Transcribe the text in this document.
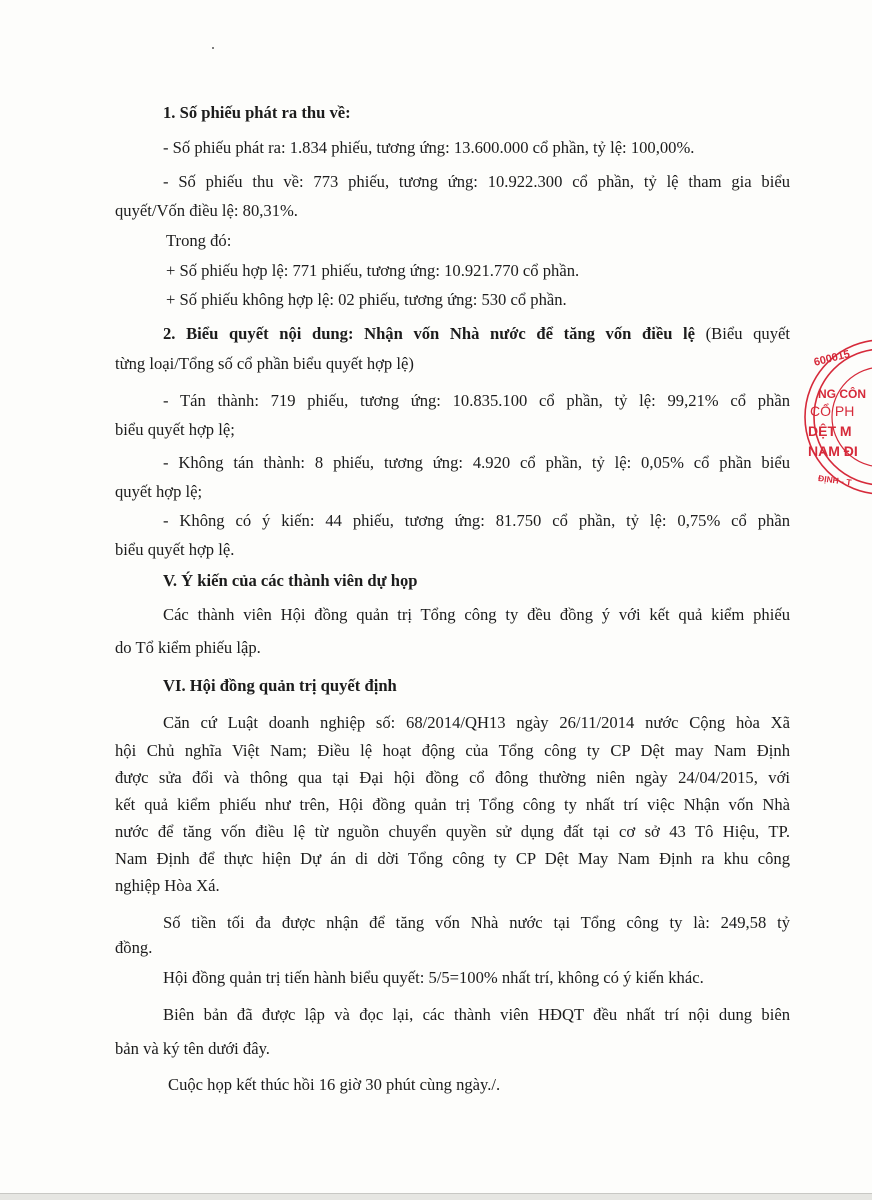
1. Số phiếu phát ra thu về:
- Số phiếu phát ra: 1.834 phiếu, tương ứng: 13.600.000 cổ phần, tỷ lệ: 100,00%.
- Số phiếu thu về: 773 phiếu, tương ứng: 10.922.300 cổ phần, tỷ lệ tham gia biểu
quyết/Vốn điều lệ: 80,31%.
Trong đó:
+ Số phiếu hợp lệ: 771 phiếu, tương ứng: 10.921.770 cổ phần.
+ Số phiếu không hợp lệ: 02 phiếu, tương ứng: 530 cổ phần.
2. Biểu quyết nội dung: Nhận vốn Nhà nước để tăng vốn điều lệ (Biểu quyết
từng loại/Tổng số cổ phần biểu quyết hợp lệ)
- Tán thành: 719 phiếu, tương ứng: 10.835.100 cổ phần, tỷ lệ: 99,21% cổ phần
biểu quyết hợp lệ;
- Không tán thành: 8 phiếu, tương ứng: 4.920 cổ phần, tỷ lệ: 0,05% cổ phần biểu
quyết hợp lệ;
- Không có ý kiến: 44 phiếu, tương ứng: 81.750 cổ phần, tỷ lệ: 0,75% cổ phần
biểu quyết hợp lệ.
V. Ý kiến của các thành viên dự họp
Các thành viên Hội đồng quản trị Tổng công ty đều đồng ý với kết quả kiểm phiếu
do Tổ kiểm phiếu lập.
VI. Hội đồng quản trị quyết định
Căn cứ Luật doanh nghiệp số: 68/2014/QH13 ngày 26/11/2014 nước Cộng hòa Xã
hội Chủ nghĩa Việt Nam; Điều lệ hoạt động của Tổng công ty CP Dệt may Nam Định
được sửa đổi và thông qua tại Đại hội đồng cổ đông thường niên ngày 24/04/2015, với
kết quả kiểm phiếu như trên, Hội đồng quản trị Tổng công ty nhất trí việc Nhận vốn Nhà
nước để tăng vốn điều lệ từ nguồn chuyển quyền sử dụng đất tại cơ sở 43 Tô Hiệu, TP.
Nam Định để thực hiện Dự án di dời Tổng công ty CP Dệt May Nam Định ra khu công
nghiệp Hòa Xá.
Số tiền tối đa được nhận để tăng vốn Nhà nước tại Tổng công ty là: 249,58 tỷ
đồng.
Hội đồng quản trị tiến hành biểu quyết: 5/5=100% nhất trí, không có ý kiến khác.
Biên bản đã được lập và đọc lại, các thành viên HĐQT đều nhất trí nội dung biên
bản và ký tên dưới đây.
Cuộc họp kết thúc hồi 16 giờ 30 phút cùng ngày./.
600015
NG CÔN
CỔ PH
DỆT M
NAM ĐI
ĐỊNH - T
